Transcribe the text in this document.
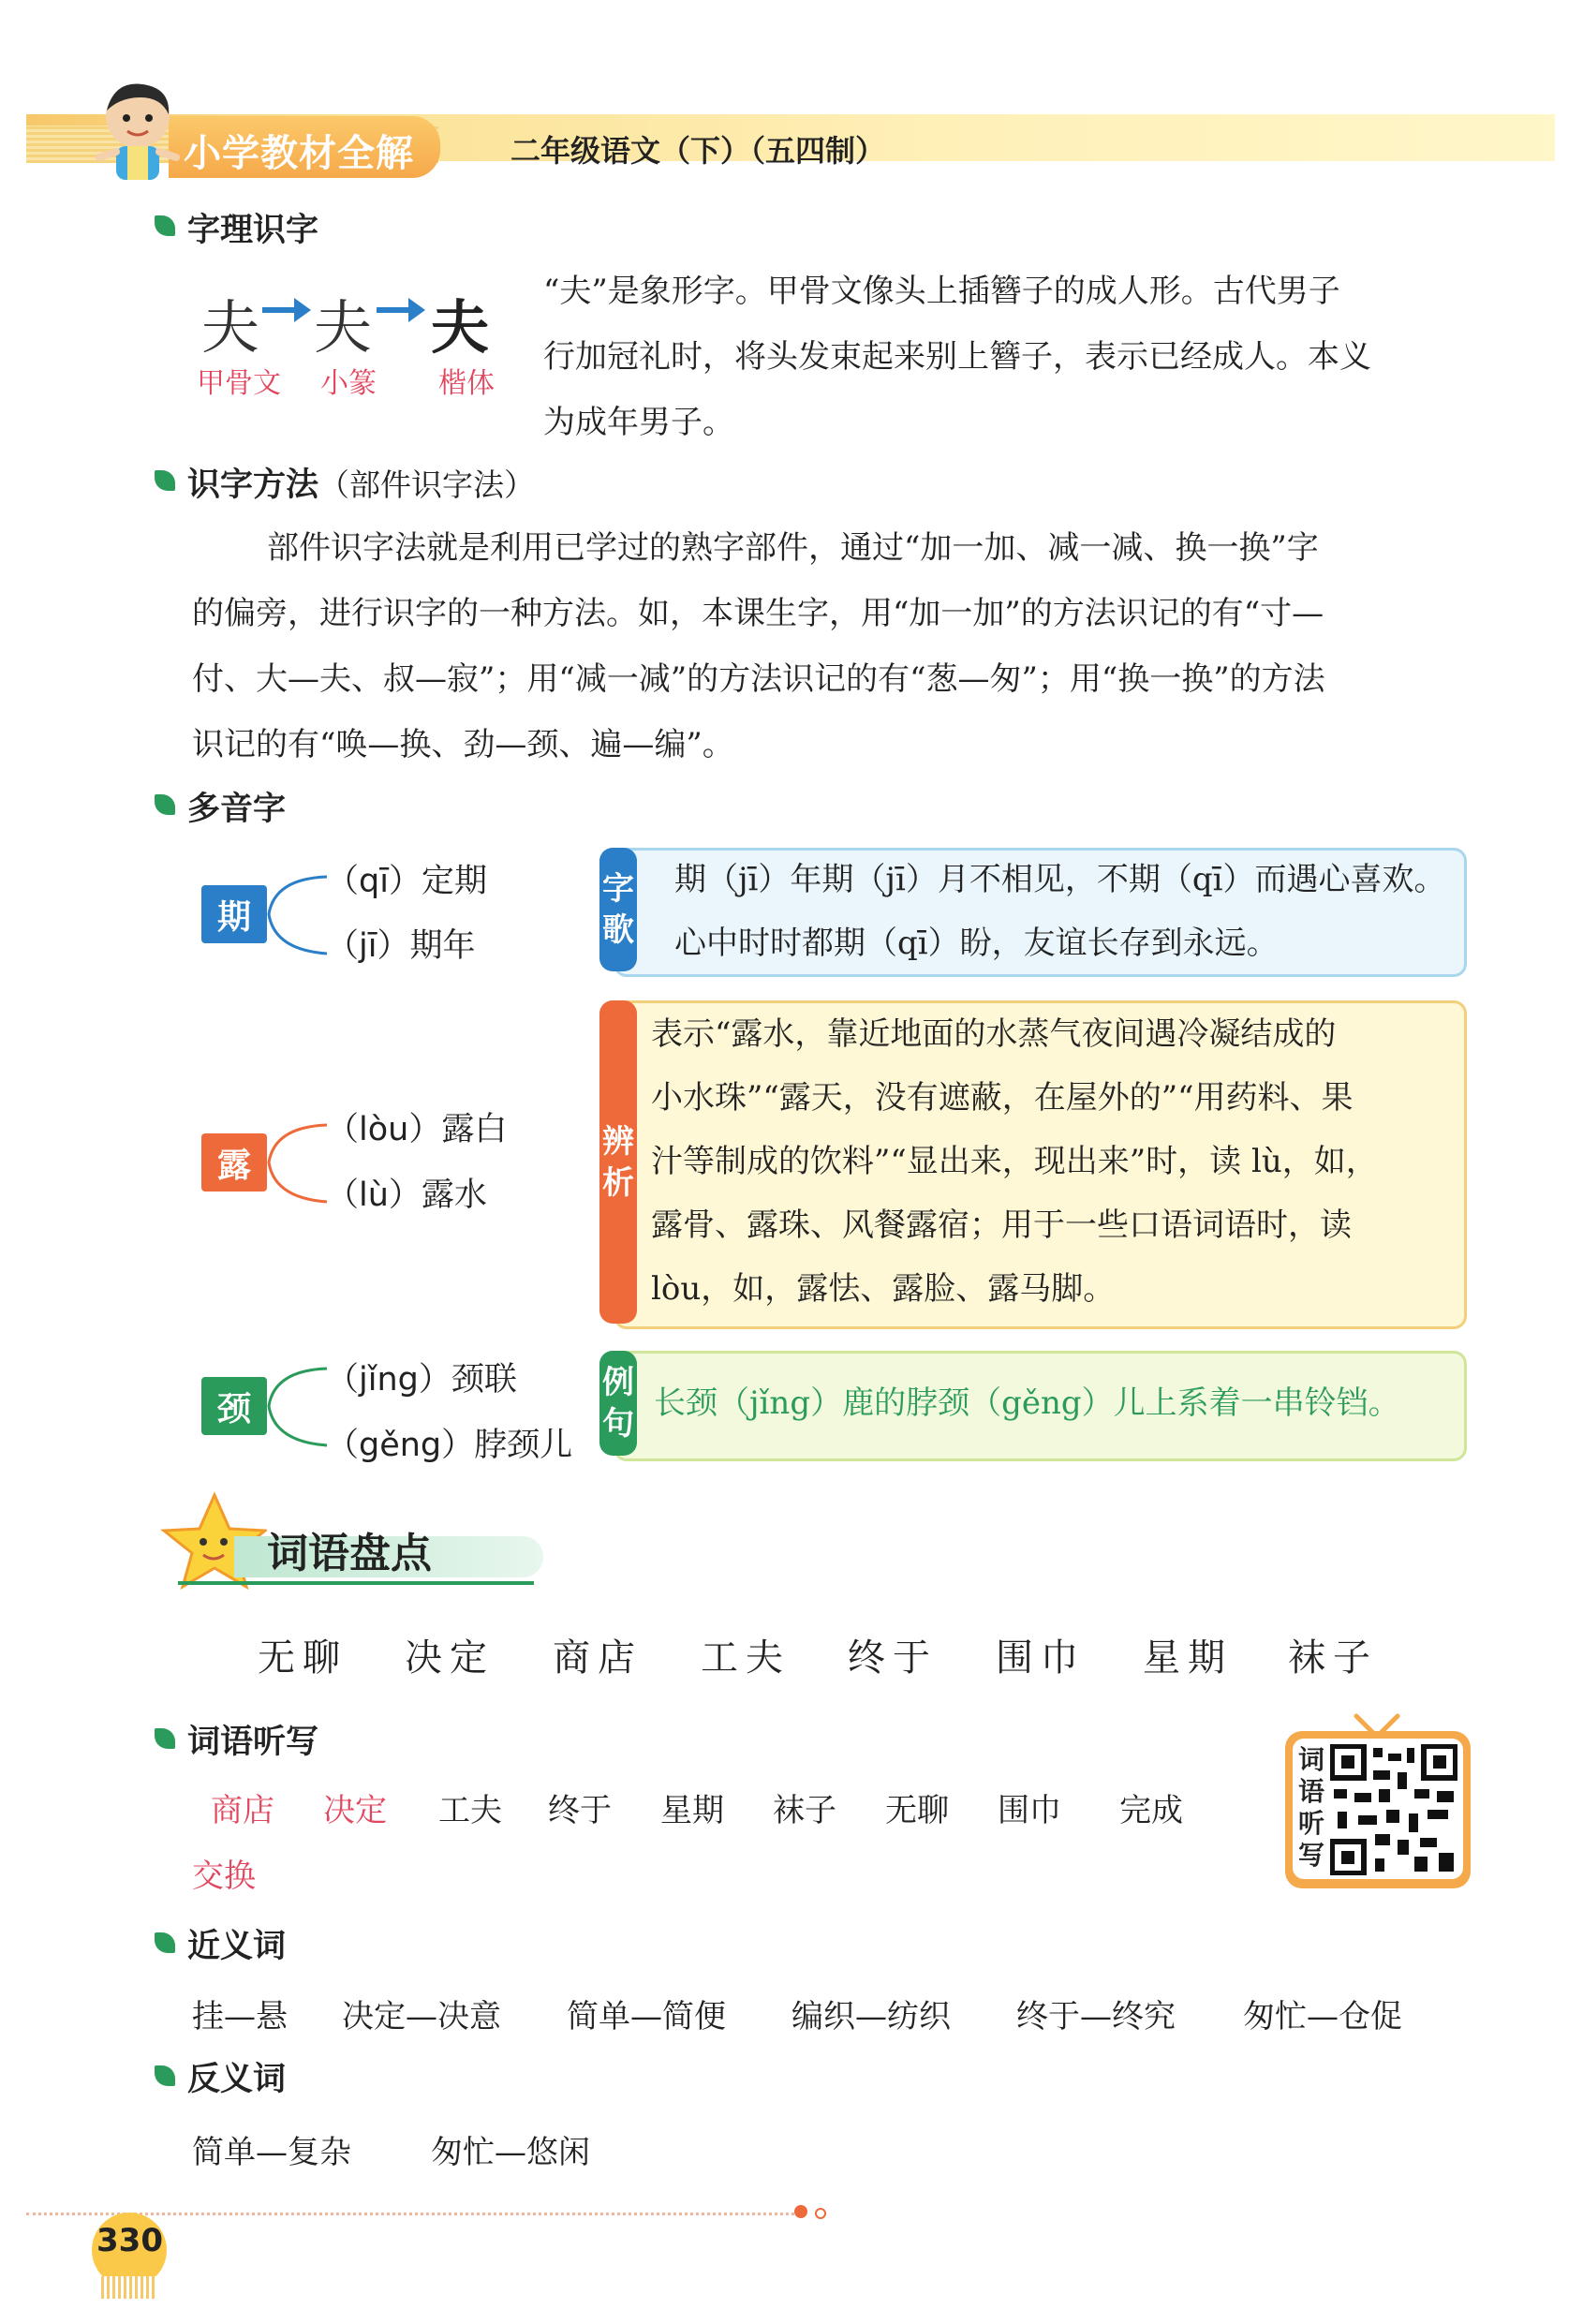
小学教材全解	二年级语文（下）（五四制）
字理识字
夫 夫 夫
甲骨文 小篆 楷体
“夫”是象形字。甲骨文像头上插簪子的成人形。古代男子
行加冠礼时，将头发束起来别上簪子，表示已经成人。本义
为成年男子。
识字方法（部件识字法）
部件识字法就是利用已学过的熟字部件，通过“加一加、减一减、换一换”字
的偏旁，进行识字的一种方法。如，本课生字，用“加一加”的方法识记的有“寸—
付、大—夫、叔—寂”；用“减一减”的方法识记的有“葱—匆”；用“换一换”的方法
识记的有“唤—换、劲—颈、遍—编”。
多音字
期
（qī）定期
（jī）期年
字
歌
期（jī）年期（jī）月不相见，不期（qī）而遇心喜欢。
心中时时都期（qī）盼，友谊长存到永远。
露
（lòu）露白
（lù）露水
辨
析
表示“露水，靠近地面的水蒸气夜间遇冷凝结成的
小水珠”“露天，没有遮蔽，在屋外的”“用药料、果
汁等制成的饮料”“显出来，现出来”时，读 lù，如，
露骨、露珠、风餐露宿；用于一些口语词语时，读
lòu，如，露怯、露脸、露马脚。
颈
（jǐng）颈联
（gěng）脖颈儿
例
句
长颈（jǐng）鹿的脖颈（gěng）儿上系着一串铃铛。
词语盘点
无聊 决定 商店 工夫 终于 围巾 星期 袜子
词语听写
商店 决定 工夫 终于 星期 袜子 无聊 围巾 完成
交换
词语听写
近义词
挂—悬 决定—决意 简单—简便 编织—纺织 终于—终究 匆忙—仓促
反义词
简单—复杂	匆忙—悠闲
330
